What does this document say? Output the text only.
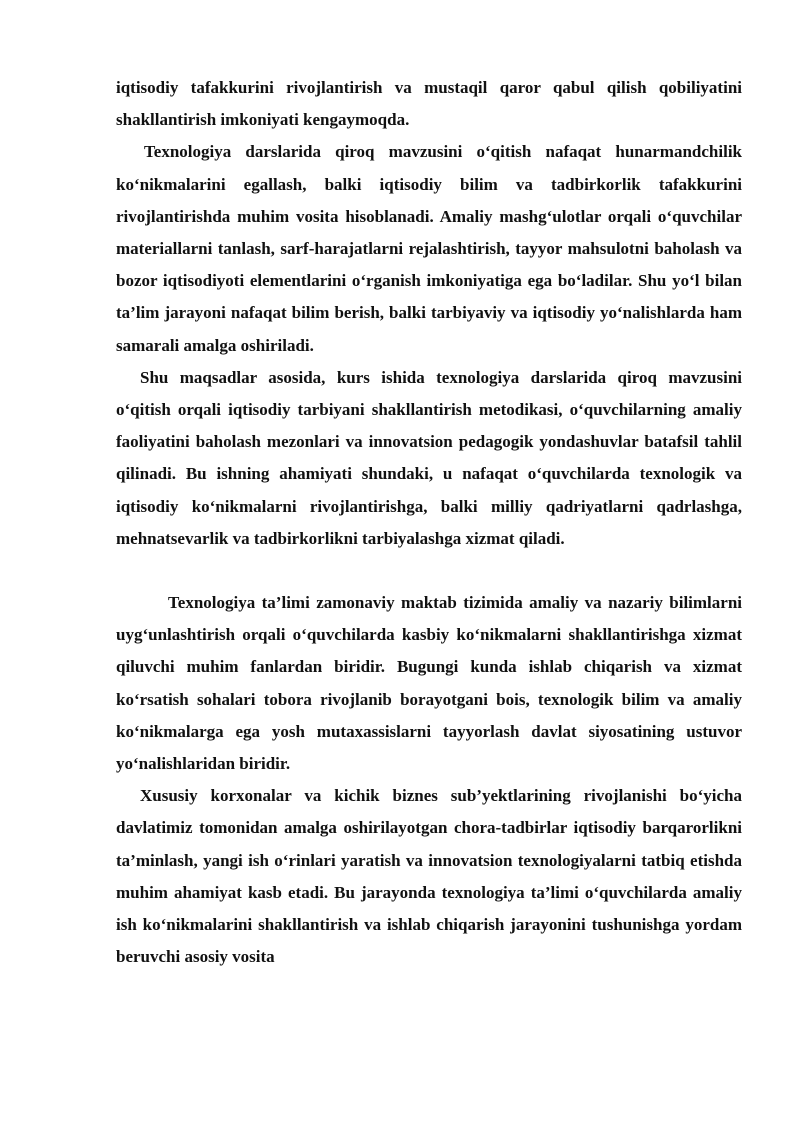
iqtisodiy tafakkurini rivojlantirish va mustaqil qaror qabul qilish qobiliyatini shakllantirish imkoniyati kengaymoqda.

Texnologiya darslarida qiroq mavzusini o‘qitish nafaqat hunarmandchilik ko‘nikmalarini egallash, balki iqtisodiy bilim va tadbirkorlik tafakkurini rivojlantirishda muhim vosita hisoblanadi. Amaliy mashg‘ulotlar orqali o‘quvchilar materiallarni tanlash, sarf-harajatlarni rejalashtirish, tayyor mahsulotni baholash va bozor iqtisodiyoti elementlarini o‘rganish imkoniyatiga ega bo‘ladilar. Shu yo‘l bilan ta’lim jarayoni nafaqat bilim berish, balki tarbiyaviy va iqtisodiy yo‘nalishlarda ham samarali amalga oshiriladi.

Shu maqsadlar asosida, kurs ishida texnologiya darslarida qiroq mavzusini o‘qitish orqali iqtisodiy tarbiyani shakllantirish metodikasi, o‘quvchilarning amaliy faoliyatini baholash mezonlari va innovatsion pedagogik yondashuvlar batafsil tahlil qilinadi. Bu ishning ahamiyati shundaki, u nafaqat o‘quvchilarda texnologik va iqtisodiy ko‘nikmalarni rivojlantirishga, balki milliy qadriyatlarni qadrlashga, mehnatsevarlik va tadbirkorlikni tarbiyalashga xizmat qiladi.

Texnologiya ta’limi zamonaviy maktab tizimida amaliy va nazariy bilimlarni uyg‘unlashtirish orqali o‘quvchilarda kasbiy ko‘nikmalarni shakllantirishga xizmat qiluvchi muhim fanlardan biridir. Bugungi kunda ishlab chiqarish va xizmat ko‘rsatish sohalari tobora rivojlanib borayotgani bois, texnologik bilim va amaliy ko‘nikmalarga ega yosh mutaxassislarni tayyorlash davlat siyosatining ustuvor yo‘nalishlaridan biridir.

Xususiy korxonalar va kichik biznes sub’yektlarining rivojlanishi bo‘yicha davlatimiz tomonidan amalga oshirilayotgan chora-tadbirlar iqtisodiy barqarorlikni ta’minlash, yangi ish o‘rinlari yaratish va innovatsion texnologiyalarni tatbiq etishda muhim ahamiyat kasb etadi. Bu jarayonda texnologiya ta’limi o‘quvchilarda amaliy ish ko‘nikmalarini shakllantirish va ishlab chiqarish jarayonini tushunishga yordam beruvchi asosiy vosita
